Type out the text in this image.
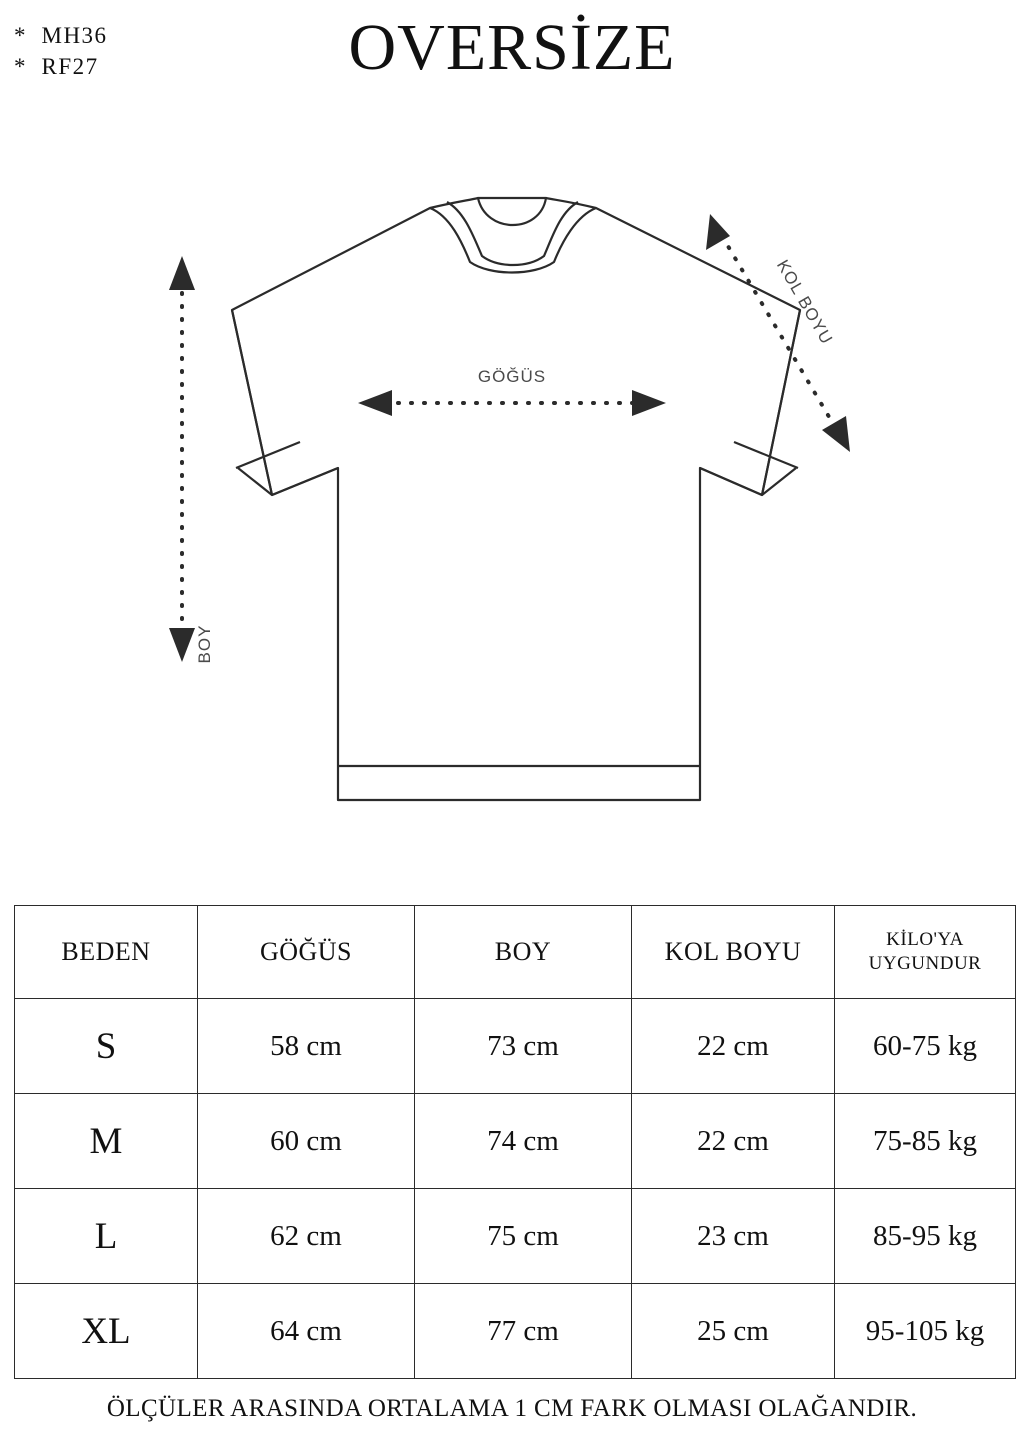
*  MH36
*  RF27	OVERSİZE
GÖĞÜS
BOY
KOL BOYU
BEDEN	GÖĞÜS	BOY	KOL BOYU	KİLO'YA
UYGUNDUR
S	58 cm	73 cm	22 cm	60-75 kg
M	60 cm	74 cm	22 cm	75-85 kg
L	62 cm	75 cm	23 cm	85-95 kg
XL	64 cm	77 cm	25 cm	95-105 kg
ÖLÇÜLER ARASINDA ORTALAMA 1 CM FARK OLMASI OLAĞANDIR.
